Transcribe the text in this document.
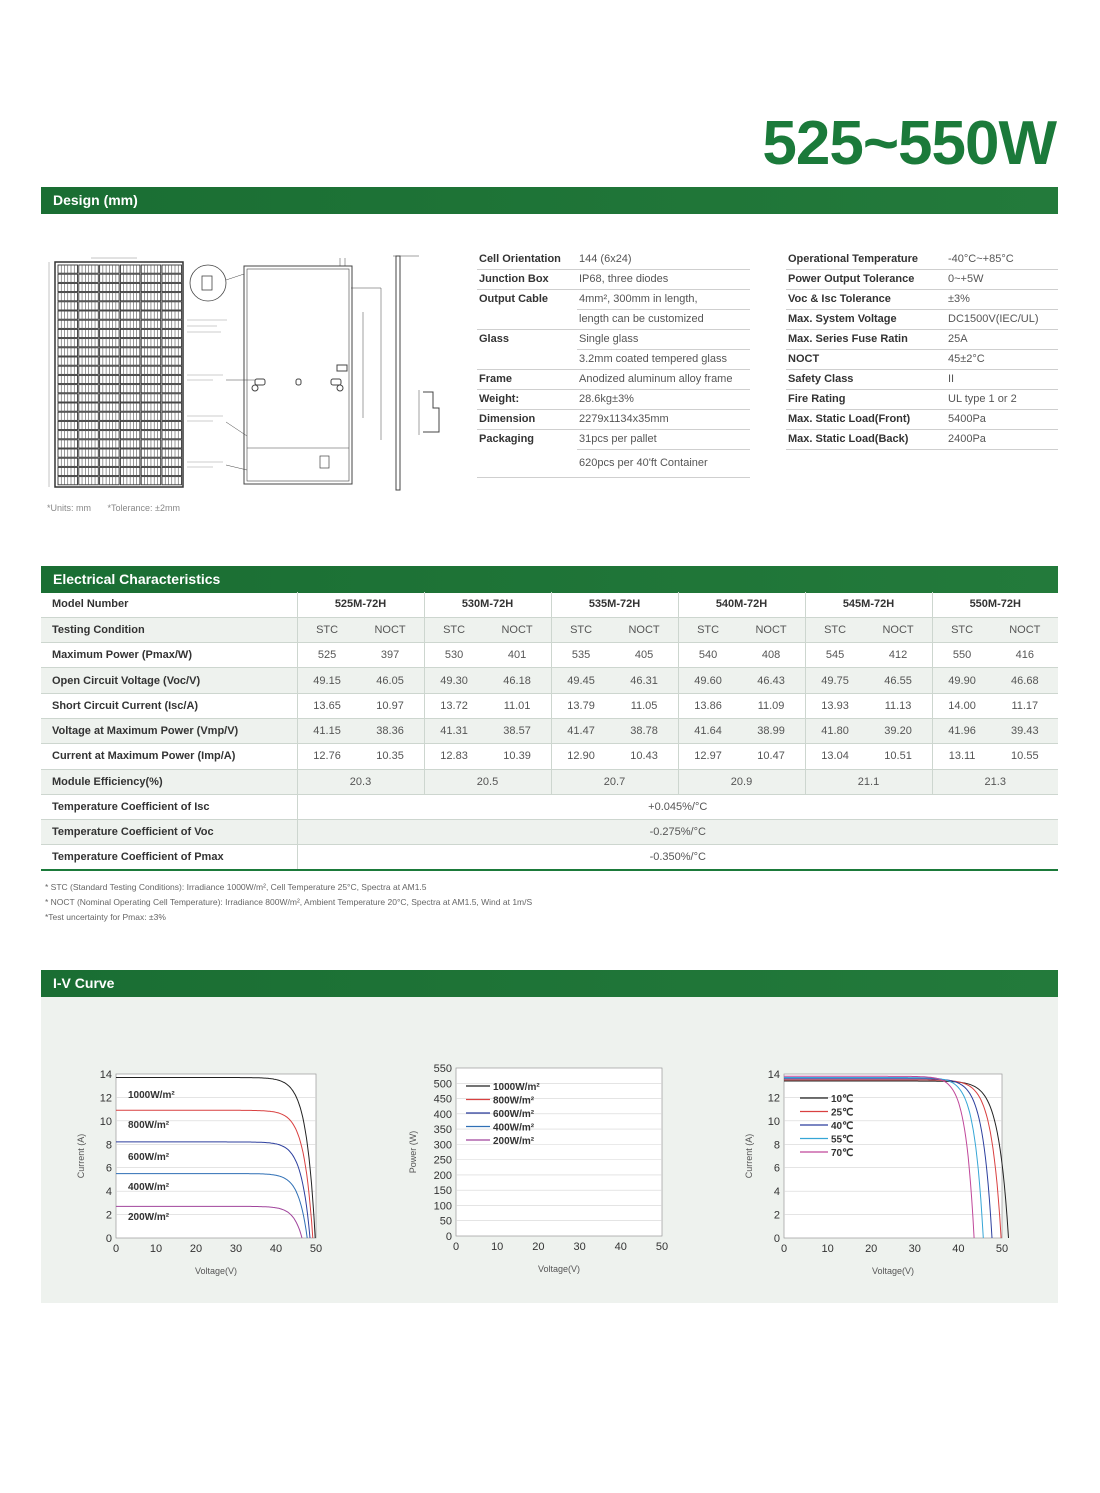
525~550W
Design (mm)
*Units: mm *Tolerance: ±2mm
Cell Orientation	144 (6x24)
Junction Box	IP68, three diodes
Output Cable	4mm², 300mm in length,
	length can be customized
Glass	Single glass
	3.2mm coated tempered glass
Frame	Anodized aluminum alloy frame
Weight:	28.6kg±3%
Dimension	2279x1134x35mm
Packaging	31pcs per pallet
	620pcs per 40'ft Container
Operational Temperature	-40°C~+85°C
Power Output Tolerance	0~+5W
Voc & Isc Tolerance	±3%
Max. System Voltage	DC1500V(IEC/UL)
Max. Series Fuse Ratin	25A
NOCT	45±2°C
Safety Class	II
Fire Rating	UL type 1 or 2
Max. Static Load(Front)	5400Pa
Max. Static Load(Back)	2400Pa
Electrical Characteristics
Model Number	525M-72H		530M-72H		535M-72H		540M-72H		545M-72H		550M-72H	
Testing Condition	STC	NOCT	STC	NOCT	STC	NOCT	STC	NOCT	STC	NOCT	STC	NOCT
Maximum Power (Pmax/W)	525	397	530	401	535	405	540	408	545	412	550	416
Open Circuit Voltage (Voc/V)	49.15	46.05	49.30	46.18	49.45	46.31	49.60	46.43	49.75	46.55	49.90	46.68
Short Circuit Current (Isc/A)	13.65	10.97	13.72	11.01	13.79	11.05	13.86	11.09	13.93	11.13	14.00	11.17
Voltage at Maximum Power (Vmp/V)	41.15	38.36	41.31	38.57	41.47	38.78	41.64	38.99	41.80	39.20	41.96	39.43
Current at Maximum Power (Imp/A)	12.76	10.35	12.83	10.39	12.90	10.43	12.97	10.47	13.04	10.51	13.11	10.55
Module Efficiency(%)	20.3		20.5		20.7		20.9		21.1		21.3	
Temperature Coefficient of Isc	+0.045%/°C											
Temperature Coefficient of Voc	-0.275%/°C											
Temperature Coefficient of Pmax	-0.350%/°C											
* STC (Standard Testing Conditions): Irradiance 1000W/m², Cell Temperature 25°C, Spectra at AM1.5
* NOCT (Nominal Operating Cell Temperature): Irradiance 800W/m², Ambient Temperature 20°C, Spectra at AM1.5, Wind at 1m/S
*Test uncertainty for Pmax: ±3%
I-V Curve
0
2
4
6
8
10
12
14
0	10	20	30	40	50
Voltage(V)
Current (A)
1000W/m²
800W/m²
600W/m²
400W/m²
200W/m²
0
50
100
150
200
250
300
350
400
450
500
550
0	10	20	30	40	50
Voltage(V)
Power (W)
1000W/m²
800W/m²
600W/m²
400W/m²
200W/m²
0
2
4
6
8
10
12
14
0	10	20	30	40	50
Voltage(V)
Current (A)
10℃
25℃
40℃
55℃
70℃
